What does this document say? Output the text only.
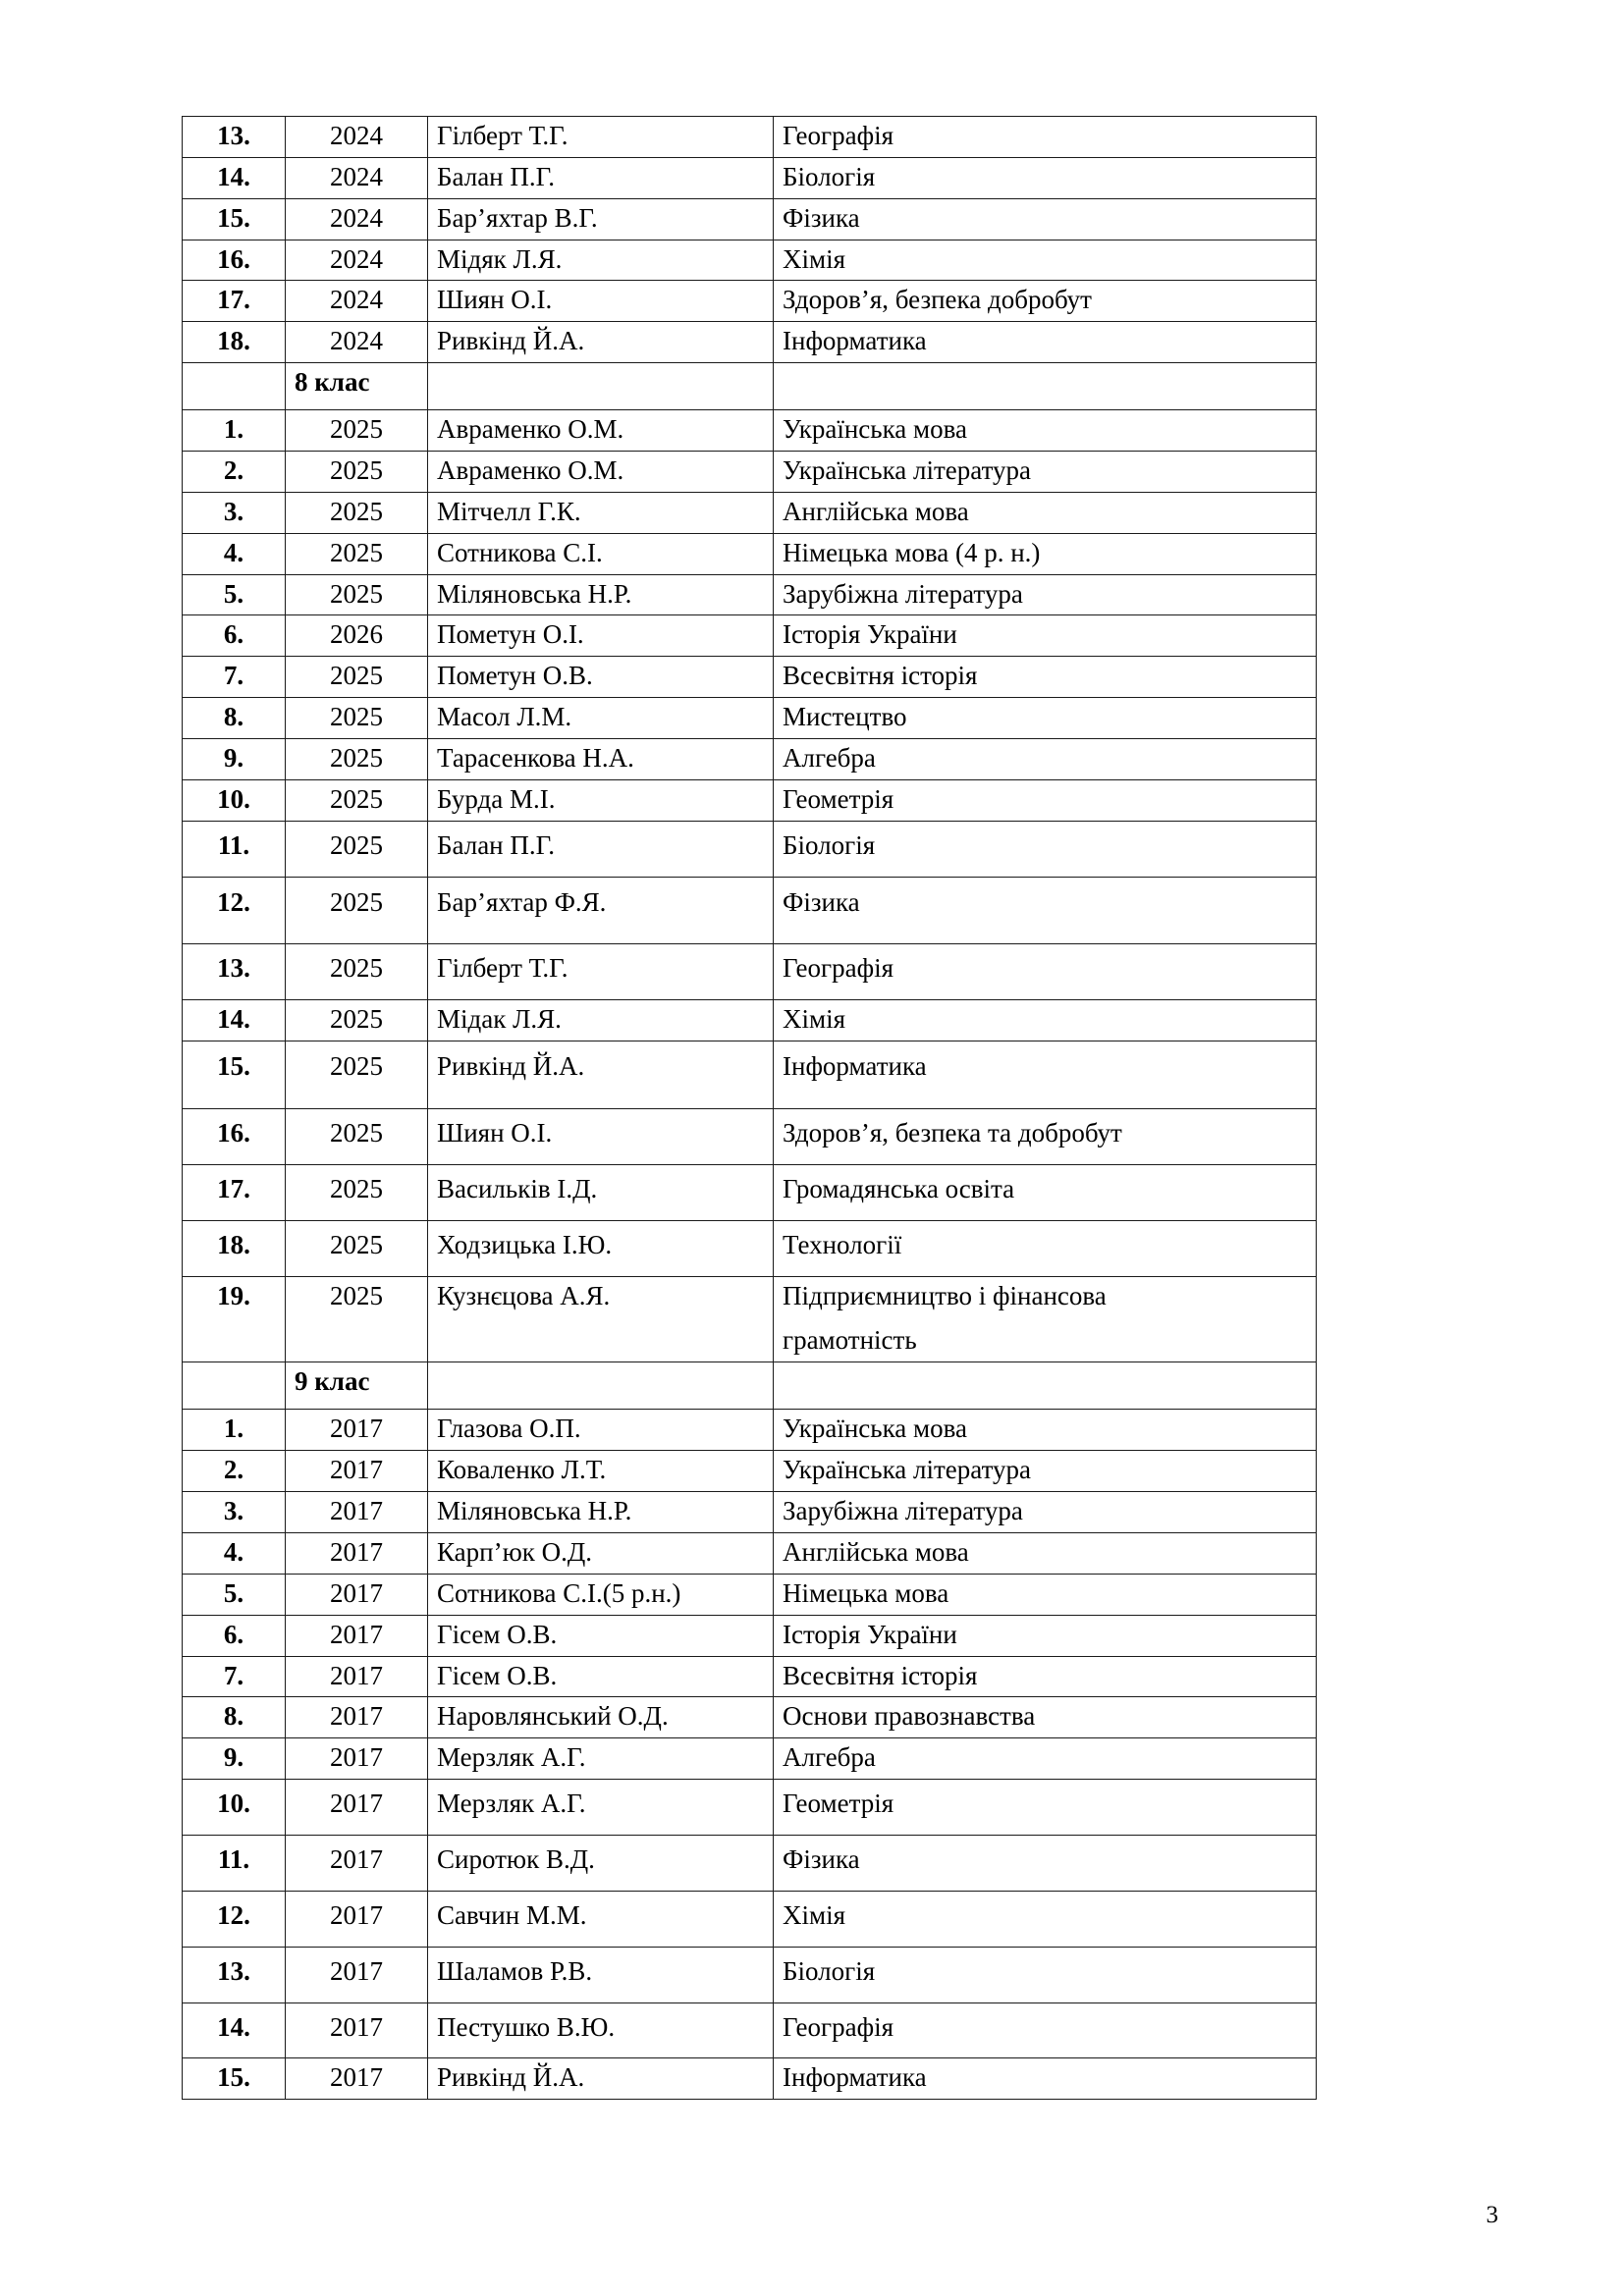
13.	2024	Гілберт Т.Г.	Географія
14.	2024	Балан П.Г.	Біологія
15.	2024	Бар’яхтар В.Г.	Фізика
16.	2024	Мідяк Л.Я.	Хімія
17.	2024	Шиян О.І.	Здоров’я, безпека добробут
18.	2024	Ривкінд Й.А.	Інформатика
	8 клас		
1.	2025	Авраменко О.М.	Українська мова
2.	2025	Авраменко О.М.	Українська література
3.	2025	Мітчелл Г.К.	Англійська мова
4.	2025	Сотникова С.І.	Німецька мова (4 р. н.)
5.	2025	Міляновська Н.Р.	Зарубіжна література
6.	2026	Пометун О.І.	Історія України
7.	2025	Пометун О.В.	Всесвітня історія
8.	2025	Масол Л.М.	Мистецтво
9.	2025	Тарасенкова Н.А.	Алгебра
10.	2025	Бурда М.І.	Геометрія
11.	2025	Балан П.Г.	Біологія
12.	2025	Бар’яхтар Ф.Я.	Фізика
13.	2025	Гілберт Т.Г.	Географія
14.	2025	Мідак Л.Я.	Хімія
15.	2025	Ривкінд Й.А.	Інформатика
16.	2025	Шиян О.І.	Здоров’я, безпека та добробут
17.	2025	Васильків І.Д.	Громадянська освіта
18.	2025	Ходзицька І.Ю.	Технології
19.	2025	Кузнєцова А.Я.	Підприємництво і фінансова
грамотність

	9 клас		
1.	2017	Глазова О.П.	Українська мова
2.	2017	Коваленко Л.Т.	Українська література
3.	2017	Міляновська Н.Р.	Зарубіжна література
4.	2017	Карп’юк О.Д.	Англійська мова
5.	2017	Сотникова С.І.(5 р.н.)	Німецька мова
6.	2017	Гісем О.В.	Історія України
7.	2017	Гісем О.В.	Всесвітня історія
8.	2017	Наровлянський О.Д.	Основи правознавства
9.	2017	Мерзляк А.Г.	Алгебра
10.	2017	Мерзляк А.Г.	Геометрія
11.	2017	Сиротюк В.Д.	Фізика
12.	2017	Савчин М.М.	Хімія
13.	2017	Шаламов Р.В.	Біологія
14.	2017	Пестушко В.Ю.	Географія
15.	2017	Ривкінд Й.А.	Інформатика
3
